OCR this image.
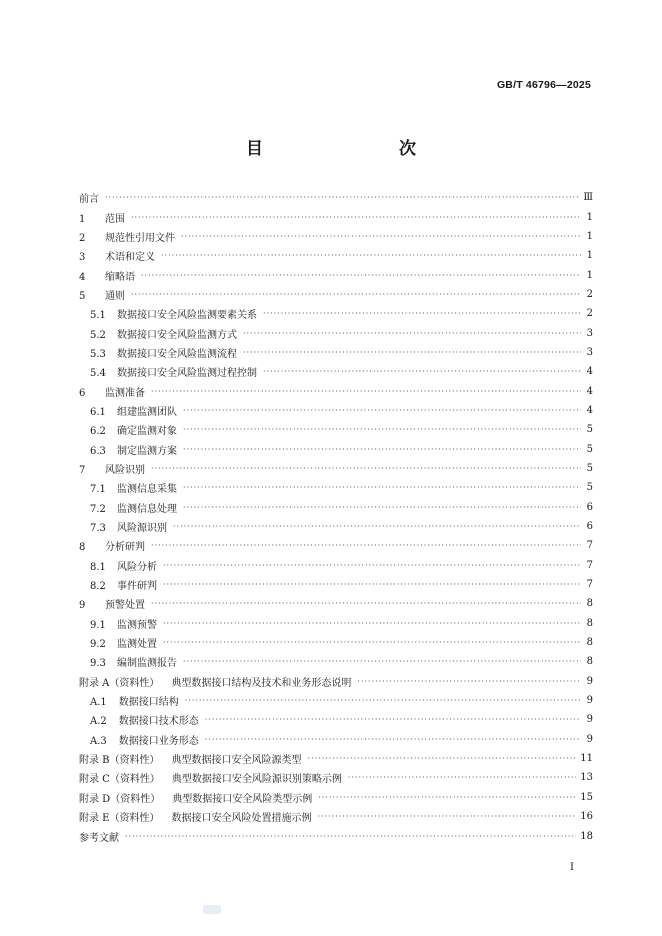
GB/T 46796—2025
目　　次
前言 ·····	Ⅲ
1 范围 ·····	1
2 规范性引用文件 ·····	1
3 术语和定义 ·····	1
4 缩略语 ·····	1
5 通则 ·····	2
5.1 数据接口安全风险监测要素关系 ·····	2
5.2 数据接口安全风险监测方式 ·····	3
5.3 数据接口安全风险监测流程 ·····	3
5.4 数据接口安全风险监测过程控制 ·····	4
6 监测准备 ·····	4
6.1 组建监测团队 ·····	4
6.2 确定监测对象 ·····	5
6.3 制定监测方案 ·····	5
7 风险识别 ·····	5
7.1 监测信息采集 ·····	5
7.2 监测信息处理 ·····	6
7.3 风险源识别 ·····	6
8 分析研判 ·····	7
8.1 风险分析 ·····	7
8.2 事件研判 ·····	7
9 预警处置 ·····	8
9.1 监测预警 ·····	8
9.2 监测处置 ·····	8
9.3 编制监测报告 ·····	8
附录 A（资料性） 典型数据接口结构及技术和业务形态说明 ·····	9
A.1 数据接口结构 ·····	9
A.2 数据接口技术形态 ·····	9
A.3 数据接口业务形态 ·····	9
附录 B（资料性） 典型数据接口安全风险源类型 ·····	11
附录 C（资料性） 典型数据接口安全风险源识别策略示例 ·····	13
附录 D（资料性） 典型数据接口安全风险类型示例 ·····	15
附录 E（资料性） 数据接口安全风险处置措施示例 ·····	16
参考文献 ·····	18
Ⅰ
